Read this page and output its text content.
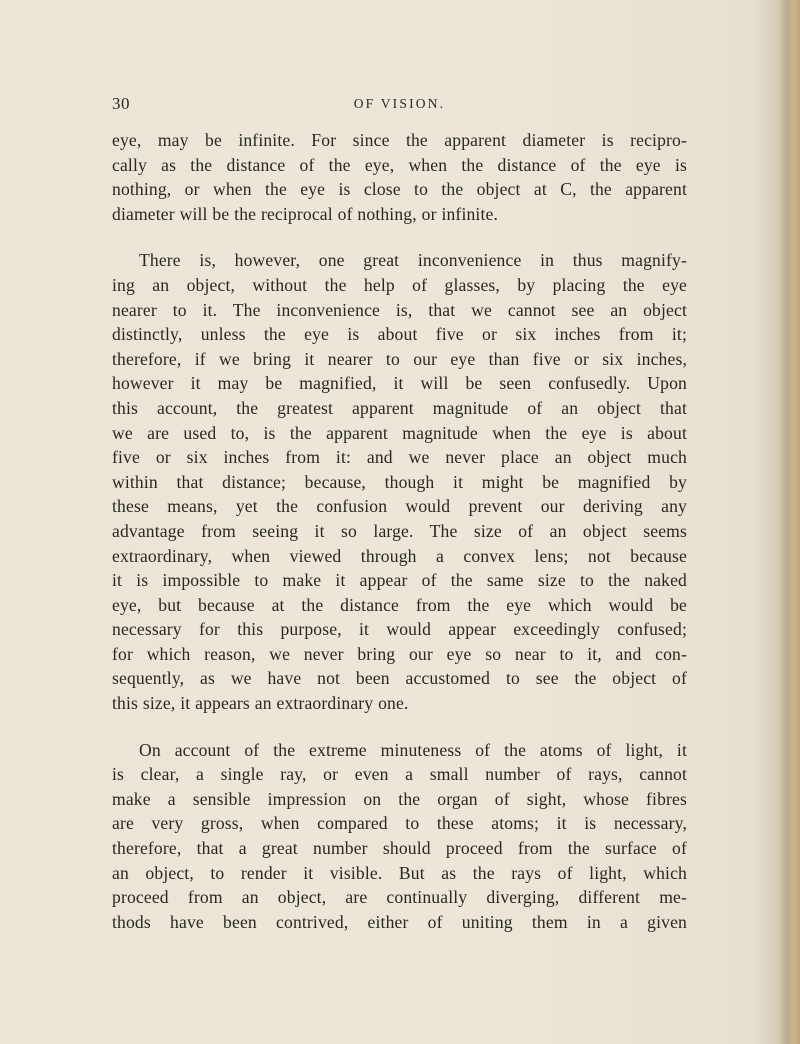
30	OF VISION.

eye, may be infinite. For since the apparent diameter is recipro-
cally as the distance of the eye, when the distance of the eye is
nothing, or when the eye is close to the object at C, the apparent
diameter will be the reciprocal of nothing, or infinite.

There is, however, one great inconvenience in thus magnify-
ing an object, without the help of glasses, by placing the eye
nearer to it. The inconvenience is, that we cannot see an object
distinctly, unless the eye is about five or six inches from it;
therefore, if we bring it nearer to our eye than five or six inches,
however it may be magnified, it will be seen confusedly. Upon
this account, the greatest apparent magnitude of an object that
we are used to, is the apparent magnitude when the eye is about
five or six inches from it: and we never place an object much
within that distance; because, though it might be magnified by
these means, yet the confusion would prevent our deriving any
advantage from seeing it so large. The size of an object seems
extraordinary, when viewed through a convex lens; not because
it is impossible to make it appear of the same size to the naked
eye, but because at the distance from the eye which would be
necessary for this purpose, it would appear exceedingly confused;
for which reason, we never bring our eye so near to it, and con-
sequently, as we have not been accustomed to see the object of
this size, it appears an extraordinary one.

On account of the extreme minuteness of the atoms of light, it
is clear, a single ray, or even a small number of rays, cannot
make a sensible impression on the organ of sight, whose fibres
are very gross, when compared to these atoms; it is necessary,
therefore, that a great number should proceed from the surface of
an object, to render it visible. But as the rays of light, which
proceed from an object, are continually diverging, different me-
thods have been contrived, either of uniting them in a given
